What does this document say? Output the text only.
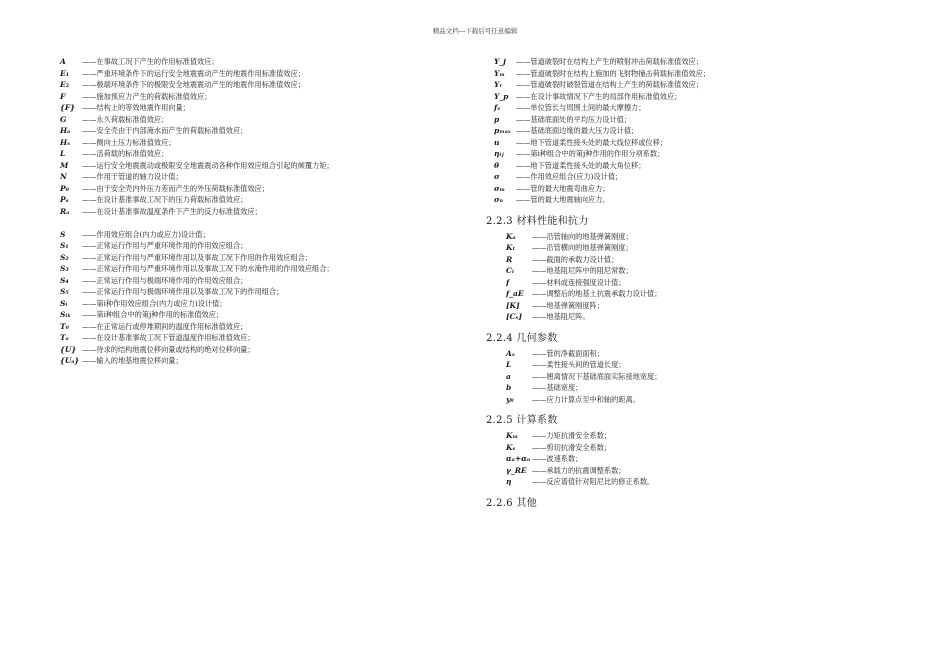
精品文档---下载后可任意编辑
A	——在事故工况下产生的作用标准值效应；
E₁	——严重环境条件下的运行安全地震震动产生的地震作用标准值效应；
E₂	——极端环境条件下的极限安全地震震动产生的地震作用标准值效应；
F	——施加预应力产生的荷载标准值效应；
{F} ——结构上的等效地震作用向量；
G	——永久荷载标准值效应；
Hₐ	——安全壳由于内部淹水而产生的荷载标准值效应；
Hₛ	——侧向土压力标准值效应；
L	——活荷载的标准值效应；
M	——运行安全地震震动或极限安全地震震动各种作用效应组合引起的倾覆力矩；
N	——作用于管道的轴力设计值；
P₀	——由于安全壳内外压力差而产生的外压荷载标准值效应；
Pₐ	——在设计基准事故工况下的压力荷载标准值效应；
Rₐ	——在设计基准事故温度条件下产生的反力标准值效应；
S	——作用效应组合(内力或应力)设计值；
S₁	——正常运行作用与严重环境作用的作用效应组合；
S₂	——正常运行作用与严重环境作用以及事故工况下作用的作用效应组合；
S₃	——正常运行作用与严重环境作用以及事故工况下的水淹作用的作用效应组合；
S₄	——正常运行作用与极端环境作用的作用效应组合；
S₅	——正常运行作用与极端环境作用以及事故工况下的作用组合；
Sᵢ	——第i种作用效应组合(内力或应力)设计值；
Sᵢₖ	——第i种组合中的第j种作用的标准值效应；
T₀	——在正常运行或停堆期间的温度作用标准值效应；
Tₐ	——在设计基准事故工况下管道温度作用标准值效应；
{U} ——待求的结构地震位移向量或结构的绝对位移向量；
{Uₐ} ——输入的地基地震位移向量；
Y_j	——管道破裂时在结构上产生的喷射冲击荷载标准值效应；
Yₘ	——管道破裂时在结构上施加的飞射物撞击荷载标准值效应；
Yᵣ	——管道破裂时破裂管道在结构上产生的荷载标准值效应；
Y_p	——在设计事故情况下产生的局部作用标准值效应；
fₛ	——单位管长与周围土间的最大摩擦力；
p	——基础底面处的平均压力设计值；
pₘₐₓ ——基础底面边缘的最大压力设计值；
u	——地下管道柔性接头处的最大线位移或位移；
ηᵢⱼ	——第i种组合中的第j种作用的作用分项系数；
θ	——地下管道柔性接头处的最大角位移；
σ	——作用效应组合(应力)设计值；
σₘ	——管的最大地震弯曲应力；
σₙ	——管的最大地震轴向应力。
2.2.3 材料性能和抗力
Kₐ	——沿管轴向的地基弹簧刚度；
Kₜ	——沿管横向的地基弹簧刚度；
R	——截面的承载力设计值；
Cᵢ	——地基阻尼阵中的阻尼常数；
f	——材料或连接强度设计值；
f_aE	——调整后的地基土抗震承载力设计值；
[K]	——地基弹簧刚度阵；
[Cₛ]	——地基阻尼阵。
2.2.4 几何参数
Aₛ	——管的净截面面积；
L	——柔性接头间的管道长度；
a	——翘离情况下基础底面实际接地宽度；
b	——基础宽度；
y₀	——应力计算点至中和轴的距离。
2.2.5 计算系数
Kₘ	——力矩抗滑安全系数；
Kₛ	——剪切抗滑安全系数；
αₐ+αₙ ——波速系数；
γ_RE ——承载力的抗震调整系数；
η	——反应谱值针对阻尼比的修正系数。
2.2.6 其他
